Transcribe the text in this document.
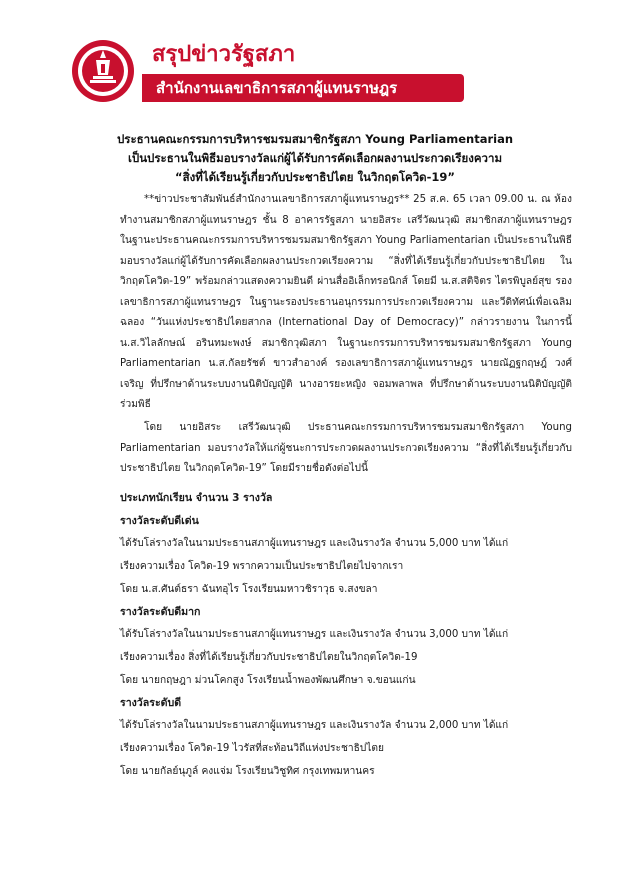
สรุปข่าวรัฐสภา
สำนักงานเลขาธิการสภาผู้แทนราษฎร
ประธานคณะกรรมการบริหารชมรมสมาชิกรัฐสภา Young Parliamentarian
เป็นประธานในพิธีมอบรางวัลแก่ผู้ได้รับการคัดเลือกผลงานประกวดเรียงความ
“สิ่งที่ได้เรียนรู้เกี่ยวกับประชาธิปไตย ในวิกฤตโควิด-19”
**ข่าวประชาสัมพันธ์สำนักงานเลขาธิการสภาผู้แทนราษฎร** 25 ส.ค. 65 เวลา 09.00 น. ณ ห้องทำงานสมาชิกสภาผู้แทนราษฎร ชั้น 8 อาคารรัฐสภา นายอิสระ เสรีวัฒนวุฒิ สมาชิกสภาผู้แทนราษฎร ในฐานะประธานคณะกรรมการบริหารชมรมสมาชิกรัฐสภา Young Parliamentarian เป็นประธานในพิธีมอบรางวัลแก่ผู้ได้รับการคัดเลือกผลงานประกวดเรียงความ “สิ่งที่ได้เรียนรู้เกี่ยวกับประชาธิปไตย ในวิกฤตโควิด-19” พร้อมกล่าวแสดงความยินดี ผ่านสื่ออิเล็กทรอนิกส์ โดยมี น.ส.สติจิตร ไตรพิบูลย์สุข รองเลขาธิการสภาผู้แทนราษฎร ในฐานะรองประธานอนุกรรมการประกวดเรียงความ และวีดิทัศน์เพื่อเฉลิมฉลอง “วันแห่งประชาธิปไตยสากล (International Day of Democracy)” กล่าวรายงาน ในการนี้ น.ส.วิไลลักษณ์ อรินทมะพงษ์ สมาชิกวุฒิสภา ในฐานะกรรมการบริหารชมรมสมาชิกรัฐสภา Young Parliamentarian น.ส.กัลยรัชต์ ขาวสำอางค์ รองเลขาธิการสภาผู้แทนราษฎร นายณัฏฐกฤษฎ์ วงศ์เจริญ ที่ปรึกษาด้านระบบงานนิติบัญญัติ นางอารยะหญิง จอมพลาพล ที่ปรึกษาด้านระบบงานนิติบัญญัติ ร่วมพิธี
โดย นายอิสระ เสรีวัฒนวุฒิ ประธานคณะกรรมการบริหารชมรมสมาชิกรัฐสภา Young Parliamentarian มอบรางวัลให้แก่ผู้ชนะการประกวดผลงานประกวดเรียงความ “สิ่งที่ได้เรียนรู้เกี่ยวกับประชาธิปไตย ในวิกฤตโควิด-19” โดยมีรายชื่อดังต่อไปนี้
ประเภทนักเรียน จำนวน 3 รางวัล
รางวัลระดับดีเด่น
ได้รับโล่รางวัลในนามประธานสภาผู้แทนราษฎร และเงินรางวัล จำนวน 5,000 บาท ได้แก่
เรียงความเรื่อง โควิด-19 พรากความเป็นประชาธิปไตยไปจากเรา
โดย น.ส.ศันต์ธรา ฉันทอุไร โรงเรียนมหาวชิราวุธ จ.สงขลา
รางวัลระดับดีมาก
ได้รับโล่รางวัลในนามประธานสภาผู้แทนราษฎร และเงินรางวัล จำนวน 3,000 บาท ได้แก่
เรียงความเรื่อง สิ่งที่ได้เรียนรู้เกี่ยวกับประชาธิปไตยในวิกฤตโควิด-19
โดย นายกฤษฎา ม่วนโคกสูง โรงเรียนน้ำพองพัฒนศึกษา จ.ขอนแก่น
รางวัลระดับดี
ได้รับโล่รางวัลในนามประธานสภาผู้แทนราษฎร และเงินรางวัล จำนวน 2,000 บาท ได้แก่
เรียงความเรื่อง โควิด-19 ไวรัสที่สะท้อนวิถีแห่งประชาธิปไตย
โดย นายกัลย์นุภูล์ คงแจ่ม โรงเรียนวิชูทิศ กรุงเทพมหานคร
